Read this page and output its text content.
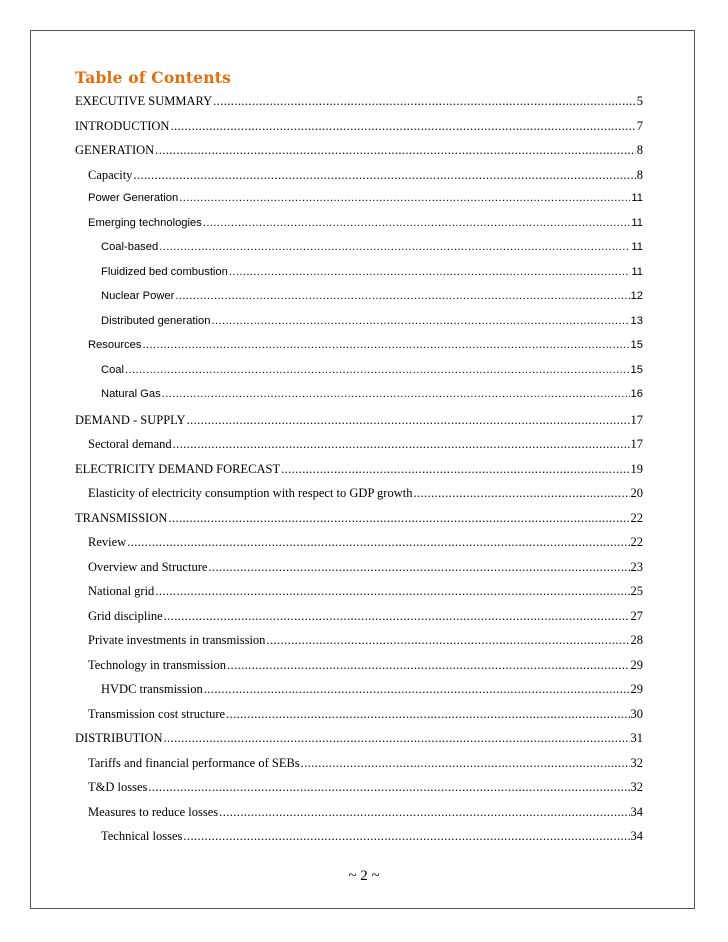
Table of Contents
EXECUTIVE SUMMARY .....	5
INTRODUCTION .....	7
GENERATION .....	8
Capacity .....	8
Power Generation .....	11
Emerging technologies .....	11
Coal-based .....	11
Fluidized bed combustion .....	11
Nuclear Power .....	12
Distributed generation .....	13
Resources .....	15
Coal .....	15
Natural Gas .....	16
DEMAND - SUPPLY .....	17
Sectoral demand .....	17
ELECTRICITY DEMAND FORECAST .....	19
Elasticity of electricity consumption with respect to GDP growth .....	20
TRANSMISSION .....	22
Review .....	22
Overview and Structure .....	23
National grid .....	25
Grid discipline .....	27
Private investments in transmission .....	28
Technology in transmission .....	29
HVDC transmission .....	29
Transmission cost structure .....	30
DISTRIBUTION .....	31
Tariffs and financial performance of SEBs .....	32
T&D losses .....	32
Measures to reduce losses .....	34
Technical losses .....	34
~ 2 ~
